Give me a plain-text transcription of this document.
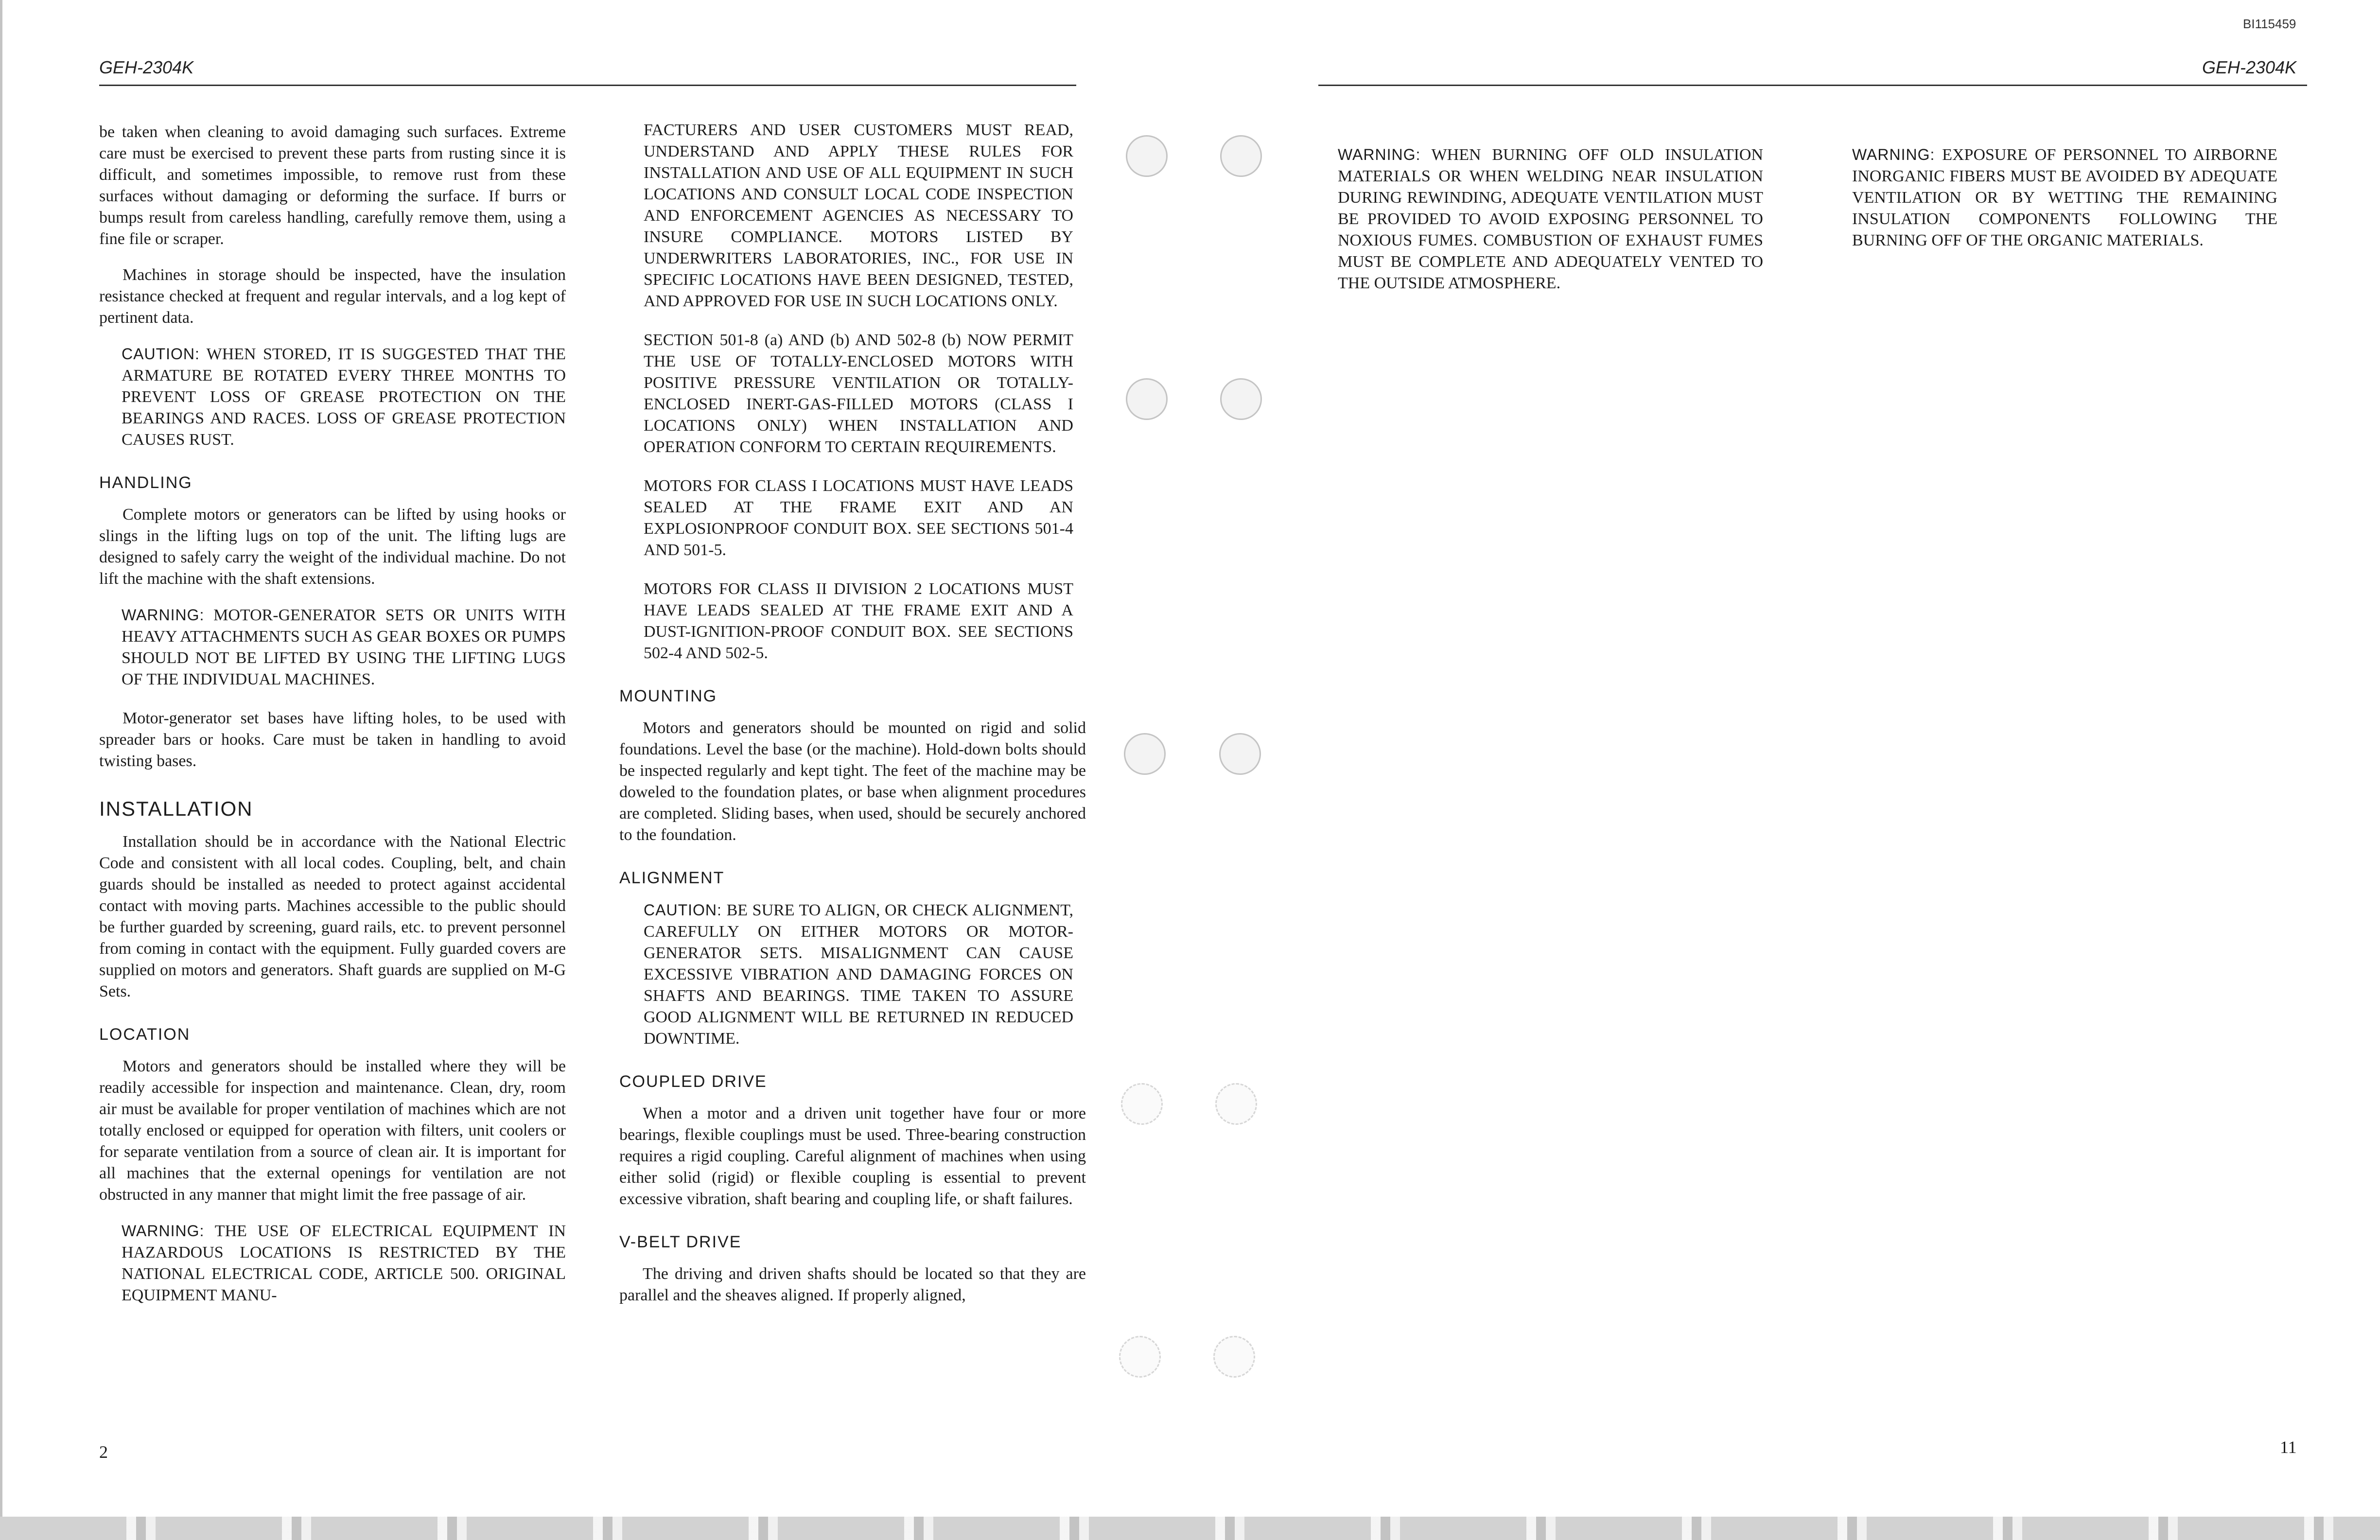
BI115459
GEH-2304K	GEH-2304K

be taken when cleaning to avoid damaging such surfaces. Extreme care must be exercised to prevent these parts from rusting since it is difficult, and sometimes impossible, to remove rust from these surfaces without damaging or deforming the surface. If burrs or bumps result from careless handling, carefully remove them, using a fine file or scraper.

Machines in storage should be inspected, have the insulation resistance checked at frequent and regular intervals, and a log kept of pertinent data.

CAUTION: WHEN STORED, IT IS SUGGESTED THAT THE ARMATURE BE ROTATED EVERY THREE MONTHS TO PREVENT LOSS OF GREASE PROTECTION ON THE BEARINGS AND RACES. LOSS OF GREASE PROTECTION CAUSES RUST.

HANDLING

Complete motors or generators can be lifted by using hooks or slings in the lifting lugs on top of the unit. The lifting lugs are designed to safely carry the weight of the individual machine. Do not lift the machine with the shaft extensions.

WARNING: MOTOR-GENERATOR SETS OR UNITS WITH HEAVY ATTACHMENTS SUCH AS GEAR BOXES OR PUMPS SHOULD NOT BE LIFTED BY USING THE LIFTING LUGS OF THE INDIVIDUAL MACHINES.

Motor-generator set bases have lifting holes, to be used with spreader bars or hooks. Care must be taken in handling to avoid twisting bases.

INSTALLATION

Installation should be in accordance with the National Electric Code and consistent with all local codes. Coupling, belt, and chain guards should be installed as needed to protect against accidental contact with moving parts. Machines accessible to the public should be further guarded by screening, guard rails, etc. to prevent personnel from coming in contact with the equipment. Fully guarded covers are supplied on motors and generators. Shaft guards are supplied on M-G Sets.

LOCATION

Motors and generators should be installed where they will be readily accessible for inspection and maintenance. Clean, dry, room air must be available for proper ventilation of machines which are not totally enclosed or equipped for operation with filters, unit coolers or for separate ventilation from a source of clean air. It is important for all machines that the external openings for ventilation are not obstructed in any manner that might limit the free passage of air.

WARNING: THE USE OF ELECTRICAL EQUIPMENT IN HAZARDOUS LOCATIONS IS RESTRICTED BY THE NATIONAL ELECTRICAL CODE, ARTICLE 500. ORIGINAL EQUIPMENT MANU-

FACTURERS AND USER CUSTOMERS MUST READ, UNDERSTAND AND APPLY THESE RULES FOR INSTALLATION AND USE OF ALL EQUIPMENT IN SUCH LOCATIONS AND CONSULT LOCAL CODE INSPECTION AND ENFORCEMENT AGENCIES AS NECESSARY TO INSURE COMPLIANCE. MOTORS LISTED BY UNDERWRITERS LABORATORIES, INC., FOR USE IN SPECIFIC LOCATIONS HAVE BEEN DESIGNED, TESTED, AND APPROVED FOR USE IN SUCH LOCATIONS ONLY.

SECTION 501-8 (a) AND (b) AND 502-8 (b) NOW PERMIT THE USE OF TOTALLY-ENCLOSED MOTORS WITH POSITIVE PRESSURE VENTILATION OR TOTALLY-ENCLOSED INERT-GAS-FILLED MOTORS (CLASS I LOCATIONS ONLY) WHEN INSTALLATION AND OPERATION CONFORM TO CERTAIN REQUIREMENTS.

MOTORS FOR CLASS I LOCATIONS MUST HAVE LEADS SEALED AT THE FRAME EXIT AND AN EXPLOSIONPROOF CONDUIT BOX. SEE SECTIONS 501-4 AND 501-5.

MOTORS FOR CLASS II DIVISION 2 LOCATIONS MUST HAVE LEADS SEALED AT THE FRAME EXIT AND A DUST-IGNITION-PROOF CONDUIT BOX. SEE SECTIONS 502-4 AND 502-5.

MOUNTING

Motors and generators should be mounted on rigid and solid foundations. Level the base (or the machine). Hold-down bolts should be inspected regularly and kept tight. The feet of the machine may be doweled to the foundation plates, or base when alignment procedures are completed. Sliding bases, when used, should be securely anchored to the foundation.

ALIGNMENT

CAUTION: BE SURE TO ALIGN, OR CHECK ALIGNMENT, CAREFULLY ON EITHER MOTORS OR MOTOR-GENERATOR SETS. MISALIGNMENT CAN CAUSE EXCESSIVE VIBRATION AND DAMAGING FORCES ON SHAFTS AND BEARINGS. TIME TAKEN TO ASSURE GOOD ALIGNMENT WILL BE RETURNED IN REDUCED DOWNTIME.

COUPLED DRIVE

When a motor and a driven unit together have four or more bearings, flexible couplings must be used. Three-bearing construction requires a rigid coupling. Careful alignment of machines when using either solid (rigid) or flexible coupling is essential to prevent excessive vibration, shaft bearing and coupling life, or shaft failures.

V-BELT DRIVE

The driving and driven shafts should be located so that they are parallel and the sheaves aligned. If properly aligned,

WARNING: WHEN BURNING OFF OLD INSULATION MATERIALS OR WHEN WELDING NEAR INSULATION DURING REWINDING, ADEQUATE VENTILATION MUST BE PROVIDED TO AVOID EXPOSING PERSONNEL TO NOXIOUS FUMES. COMBUSTION OF EXHAUST FUMES MUST BE COMPLETE AND ADEQUATELY VENTED TO THE OUTSIDE ATMOSPHERE.

WARNING: EXPOSURE OF PERSONNEL TO AIRBORNE INORGANIC FIBERS MUST BE AVOIDED BY ADEQUATE VENTILATION OR BY WETTING THE REMAINING INSULATION COMPONENTS FOLLOWING THE BURNING OFF OF THE ORGANIC MATERIALS.

2	11
